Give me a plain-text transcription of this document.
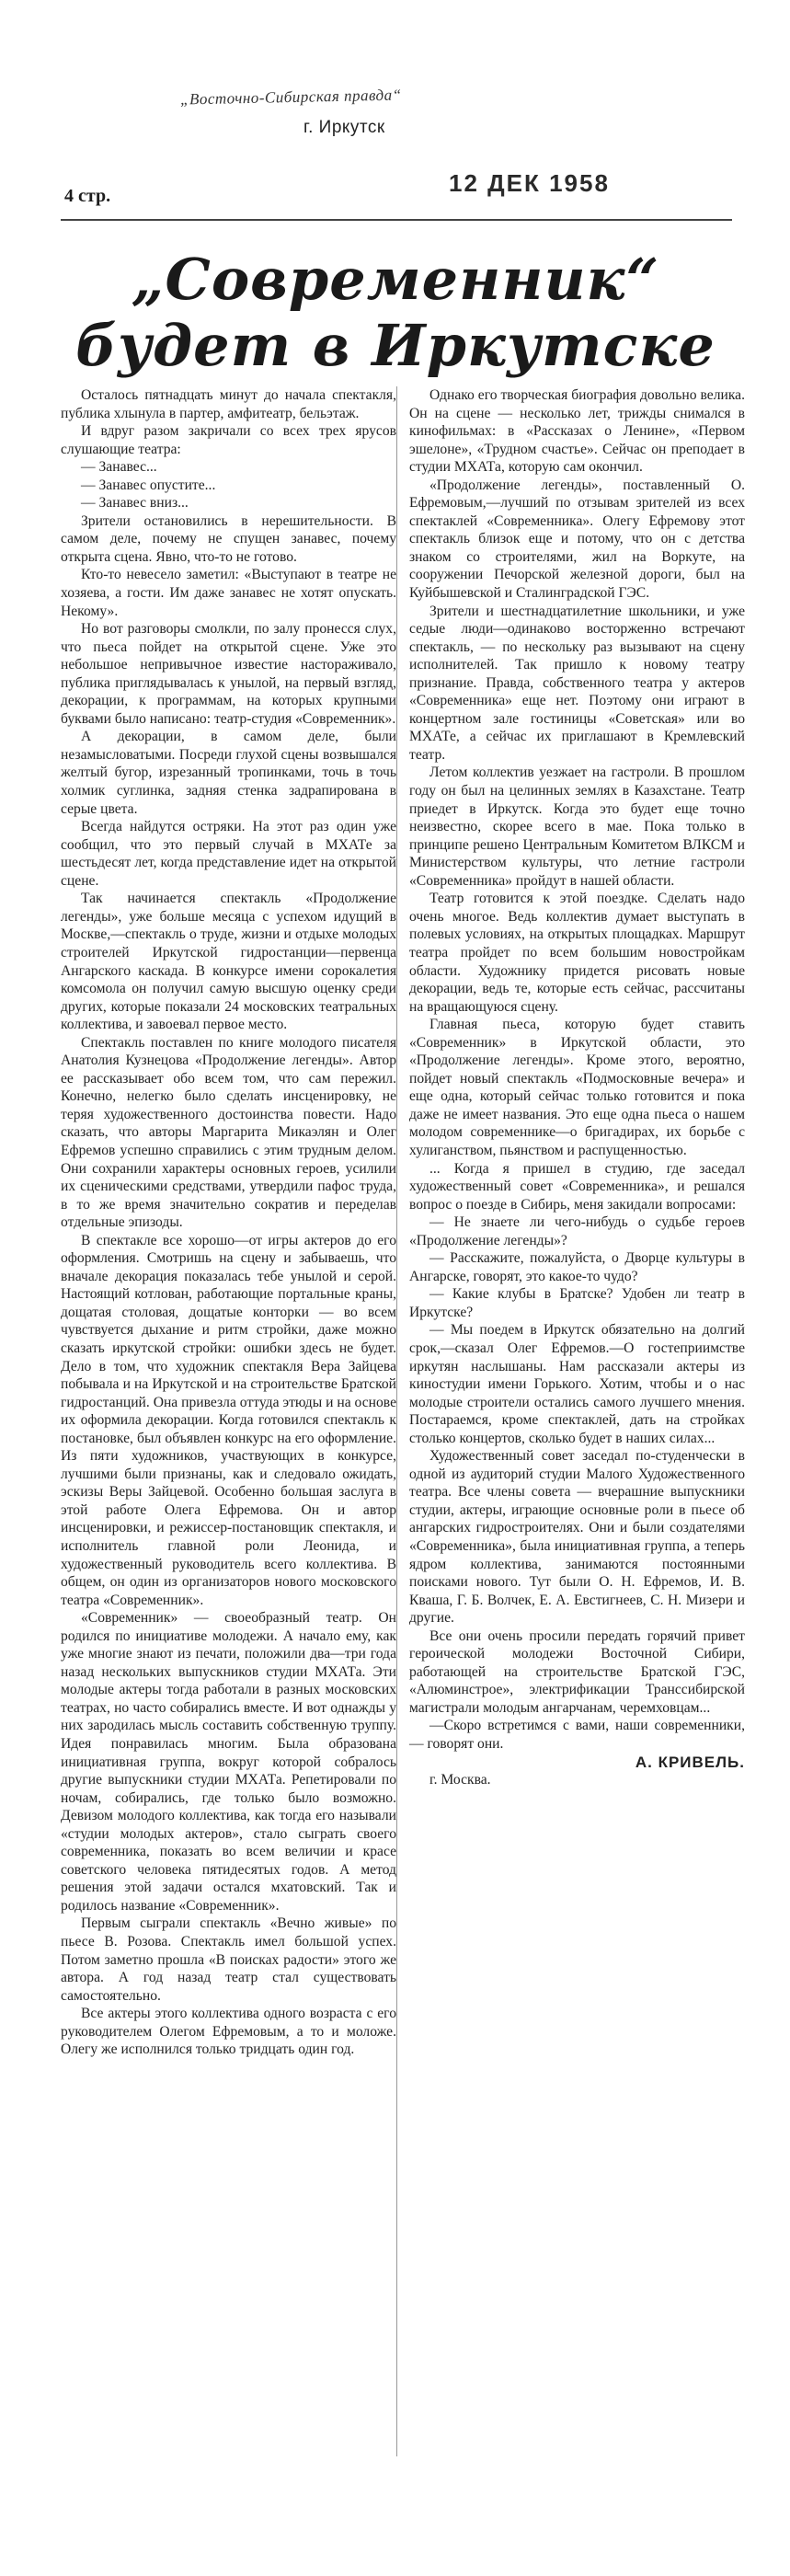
„Восточно-Сибирская правда“
г. Иркутск
12 ДЕК 1958
4 стр.
„Современник“
будет в Иркутске

Осталось пятнадцать минут до начала спектакля, публика хлынула в партер, амфитеатр, бельэтаж.

И вдруг разом закричали со всех трех ярусов слушающие театра:

— Занавес...

— Занавес опустите...

— Занавес вниз...

Зрители остановились в нерешительности. В самом деле, почему не спущен занавес, почему открыта сцена. Явно, что-то не готово.

Кто-то невесело заметил: «Выступают в театре не хозяева, а гости. Им даже занавес не хотят опускать. Некому».

Но вот разговоры смолкли, по залу пронесся слух, что пьеса пойдет на открытой сцене. Уже это небольшое непривычное известие настораживало, публика приглядывалась к унылой, на первый взгляд, декорации, к программам, на которых крупными буквами было написано: театр-студия «Современник».

А декорации, в самом деле, были незамысловатыми. Посреди глухой сцены возвышался желтый бугор, изрезанный тропинками, точь в точь холмик суглинка, задняя стенка задрапирована в серые цвета.

Всегда найдутся остряки. На этот раз один уже сообщил, что это первый случай в МХАТе за шестьдесят лет, когда представление идет на открытой сцене.

Так начинается спектакль «Продолжение легенды», уже больше месяца с успехом идущий в Москве,—спектакль о труде, жизни и отдыхе молодых строителей Иркутской гидростанции—первенца Ангарского каскада. В конкурсе имени сорокалетия комсомола он получил самую высшую оценку среди других, которые показали 24 московских театральных коллектива, и завоевал первое место.

Спектакль поставлен по книге молодого писателя Анатолия Кузнецова «Продолжение легенды». Автор ее рассказывает обо всем том, что сам пережил. Конечно, нелегко было сделать инсценировку, не теряя художественного достоинства повести. Надо сказать, что авторы Маргарита Микаэлян и Олег Ефремов успешно справились с этим трудным делом. Они сохранили характеры основных героев, усилили их сценическими средствами, утвердили пафос труда, в то же время значительно сократив и переделав отдельные эпизоды.

В спектакле все хорошо—от игры актеров до его оформления. Смотришь на сцену и забываешь, что вначале декорация показалась тебе унылой и серой. Настоящий котлован, работающие портальные краны, дощатая столовая, дощатые конторки — во всем чувствуется дыхание и ритм стройки, даже можно сказать иркутской стройки: ошибки здесь не будет. Дело в том, что художник спектакля Вера Зайцева побывала и на Иркутской и на строительстве Братской гидростанций. Она привезла оттуда этюды и на основе их оформила декорации. Когда готовился спектакль к постановке, был объявлен конкурс на его оформление. Из пяти художников, участвующих в конкурсе, лучшими были признаны, как и следовало ожидать, эскизы Веры Зайцевой. Особенно большая заслуга в этой работе Олега Ефремова. Он и автор инсценировки, и режиссер-постановщик спектакля, и исполнитель главной роли Леонида, и художественный руководитель всего коллектива. В общем, он один из организаторов нового московского театра «Современник».

«Современник» — своеобразный театр. Он родился по инициативе молодежи. А начало ему, как уже многие знают из печати, положили два—три года назад нескольких выпускников студии МХАТа. Эти молодые актеры тогда работали в разных московских театрах, но часто собирались вместе. И вот однажды у них зародилась мысль составить собственную труппу. Идея понравилась многим. Была образована инициативная группа, вокруг которой собралось другие выпускники студии МХАТа. Репетировали по ночам, собирались, где только было возможно. Девизом молодого коллектива, как тогда его называли «студии молодых актеров», стало сыграть своего современника, показать во всем величии и красе советского человека пятидесятых годов. А метод решения этой задачи остался мхатовский. Так и родилось название «Современник».

Первым сыграли спектакль «Вечно живые» по пьесе В. Розова. Спектакль имел большой успех. Потом заметно прошла «В поисках радости» этого же автора. А год назад театр стал существовать самостоятельно.

Все актеры этого коллектива одного возраста с его руководителем Олегом Ефремовым, а то и моложе. Олегу же исполнился только тридцать один год.

Однако его творческая биография довольно велика. Он на сцене — несколько лет, трижды снимался в кинофильмах: в «Рассказах о Ленине», «Первом эшелоне», «Трудном счастье». Сейчас он преподает в студии МХАТа, которую сам окончил.

«Продолжение легенды», поставленный О. Ефремовым,—лучший по отзывам зрителей из всех спектаклей «Современника». Олегу Ефремову этот спектакль близок еще и потому, что он с детства знаком со строителями, жил на Воркуте, на сооружении Печорской железной дороги, был на Куйбышевской и Сталинградской ГЭС.

Зрители и шестнадцатилетние школьники, и уже седые люди—одинаково восторженно встречают спектакль, — по нескольку раз вызывают на сцену исполнителей. Так пришло к новому театру признание. Правда, собственного театра у актеров «Современника» еще нет. Поэтому они играют в концертном зале гостиницы «Советская» или во МХАТе, а сейчас их приглашают в Кремлевский театр.

Летом коллектив уезжает на гастроли. В прошлом году он был на целинных землях в Казахстане. Театр приедет в Иркутск. Когда это будет еще точно неизвестно, скорее всего в мае. Пока только в принципе решено Центральным Комитетом ВЛКСМ и Министерством культуры, что летние гастроли «Современника» пройдут в нашей области.

Театр готовится к этой поездке. Сделать надо очень многое. Ведь коллектив думает выступать в полевых условиях, на открытых площадках. Маршрут театра пройдет по всем большим новостройкам области. Художнику придется рисовать новые декорации, ведь те, которые есть сейчас, рассчитаны на вращающуюся сцену.

Главная пьеса, которую будет ставить «Современник» в Иркутской области, это «Продолжение легенды». Кроме этого, вероятно, пойдет новый спектакль «Подмосковные вечера» и еще одна, который сейчас только готовится и пока даже не имеет названия. Это еще одна пьеса о нашем молодом современнике—о бригадирах, их борьбе с хулиганством, пьянством и распущенностью.

... Когда я пришел в студию, где заседал художественный совет «Современника», и решался вопрос о поезде в Сибирь, меня закидали вопросами:

— Не знаете ли чего-нибудь о судьбе героев «Продолжение легенды»?

— Расскажите, пожалуйста, о Дворце культуры в Ангарске, говорят, это какое-то чудо?

— Какие клубы в Братске? Удобен ли театр в Иркутске?

— Мы поедем в Иркутск обязательно на долгий срок,—сказал Олег Ефремов.—О гостеприимстве иркутян наслышаны. Нам рассказали актеры из киностудии имени Горького. Хотим, чтобы и о нас молодые строители остались самого лучшего мнения. Постараемся, кроме спектаклей, дать на стройках столько концертов, сколько будет в наших силах...

Художественный совет заседал по-студенчески в одной из аудиторий студии Малого Художественного театра. Все члены совета — вчерашние выпускники студии, актеры, играющие основные роли в пьесе об ангарских гидростроителях. Они и были создателями «Современника», была инициативная группа, а теперь ядром коллектива, занимаются постоянными поисками нового. Тут были О. Н. Ефремов, И. В. Кваша, Г. Б. Волчек, Е. А. Евстигнеев, С. Н. Мизери и другие.

Все они очень просили передать горячий привет героической молодежи Восточной Сибири, работающей на строительстве Братской ГЭС, «Алюминстрое», электрификации Транссибирской магистрали молодым ангарчанам, черемховцам...

—Скоро встретимся с вами, наши современники, — говорят они.

А. КРИВЕЛЬ.

г. Москва.
